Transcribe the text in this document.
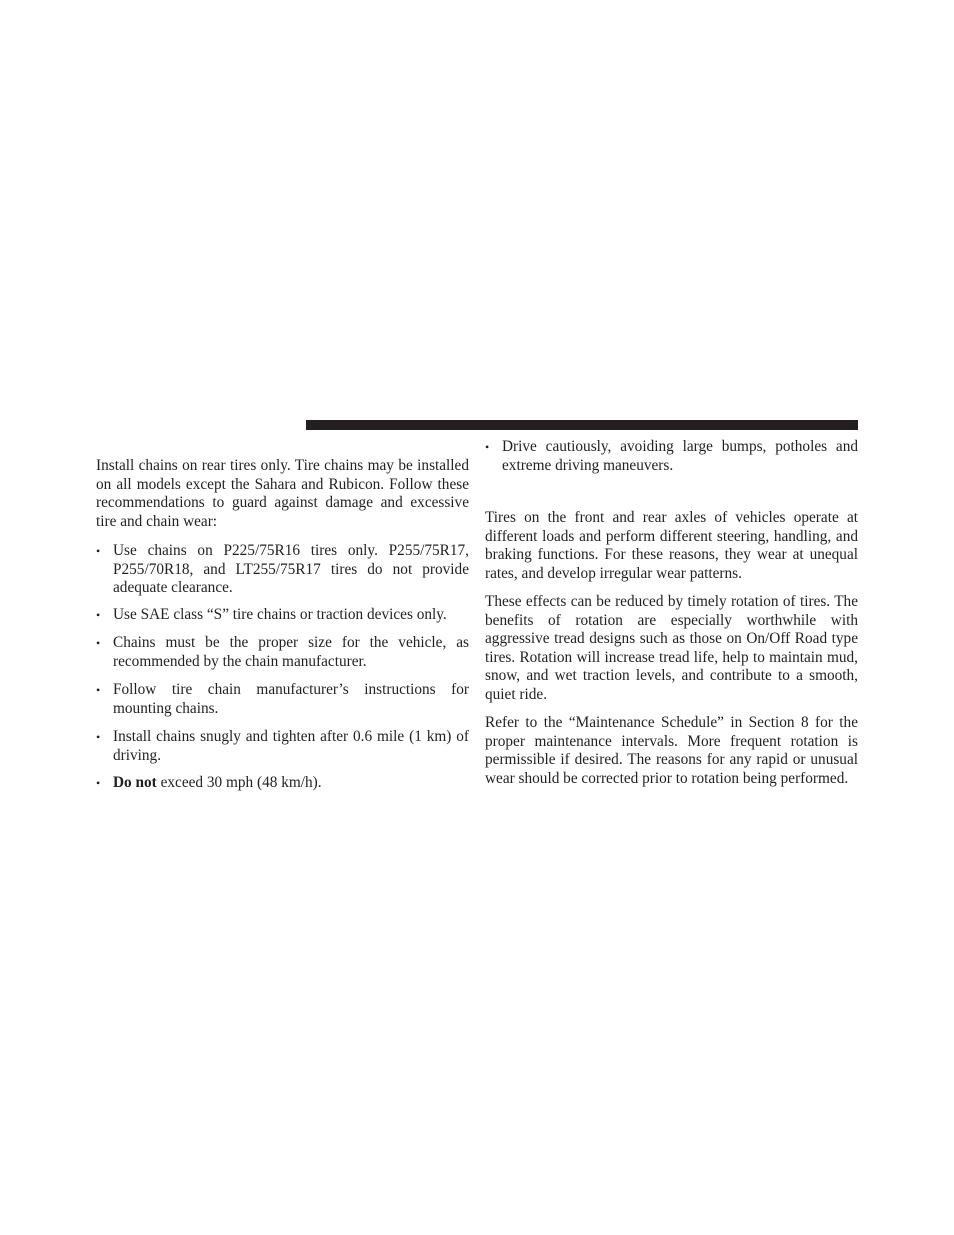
Install chains on rear tires only. Tire chains may be installed on all models except the Sahara and Rubicon. Follow these recommendations to guard against damage and excessive tire and chain wear:

• Use chains on P225/75R16 tires only. P255/75R17, P255/70R18, and LT255/75R17 tires do not provide adequate clearance.
• Use SAE class “S” tire chains or traction devices only.
• Chains must be the proper size for the vehicle, as recommended by the chain manufacturer.
• Follow tire chain manufacturer’s instructions for mounting chains.
• Install chains snugly and tighten after 0.6 mile (1 km) of driving.
• Do not exceed 30 mph (48 km/h).
• Drive cautiously, avoiding large bumps, potholes and extreme driving maneuvers.

Tires on the front and rear axles of vehicles operate at different loads and perform different steering, handling, and braking functions. For these reasons, they wear at unequal rates, and develop irregular wear patterns.

These effects can be reduced by timely rotation of tires. The benefits of rotation are especially worthwhile with aggressive tread designs such as those on On/Off Road type tires. Rotation will increase tread life, help to maintain mud, snow, and wet traction levels, and contribute to a smooth, quiet ride.

Refer to the “Maintenance Schedule” in Section 8 for the proper maintenance intervals. More frequent rotation is permissible if desired. The reasons for any rapid or unusual wear should be corrected prior to rotation being performed.
